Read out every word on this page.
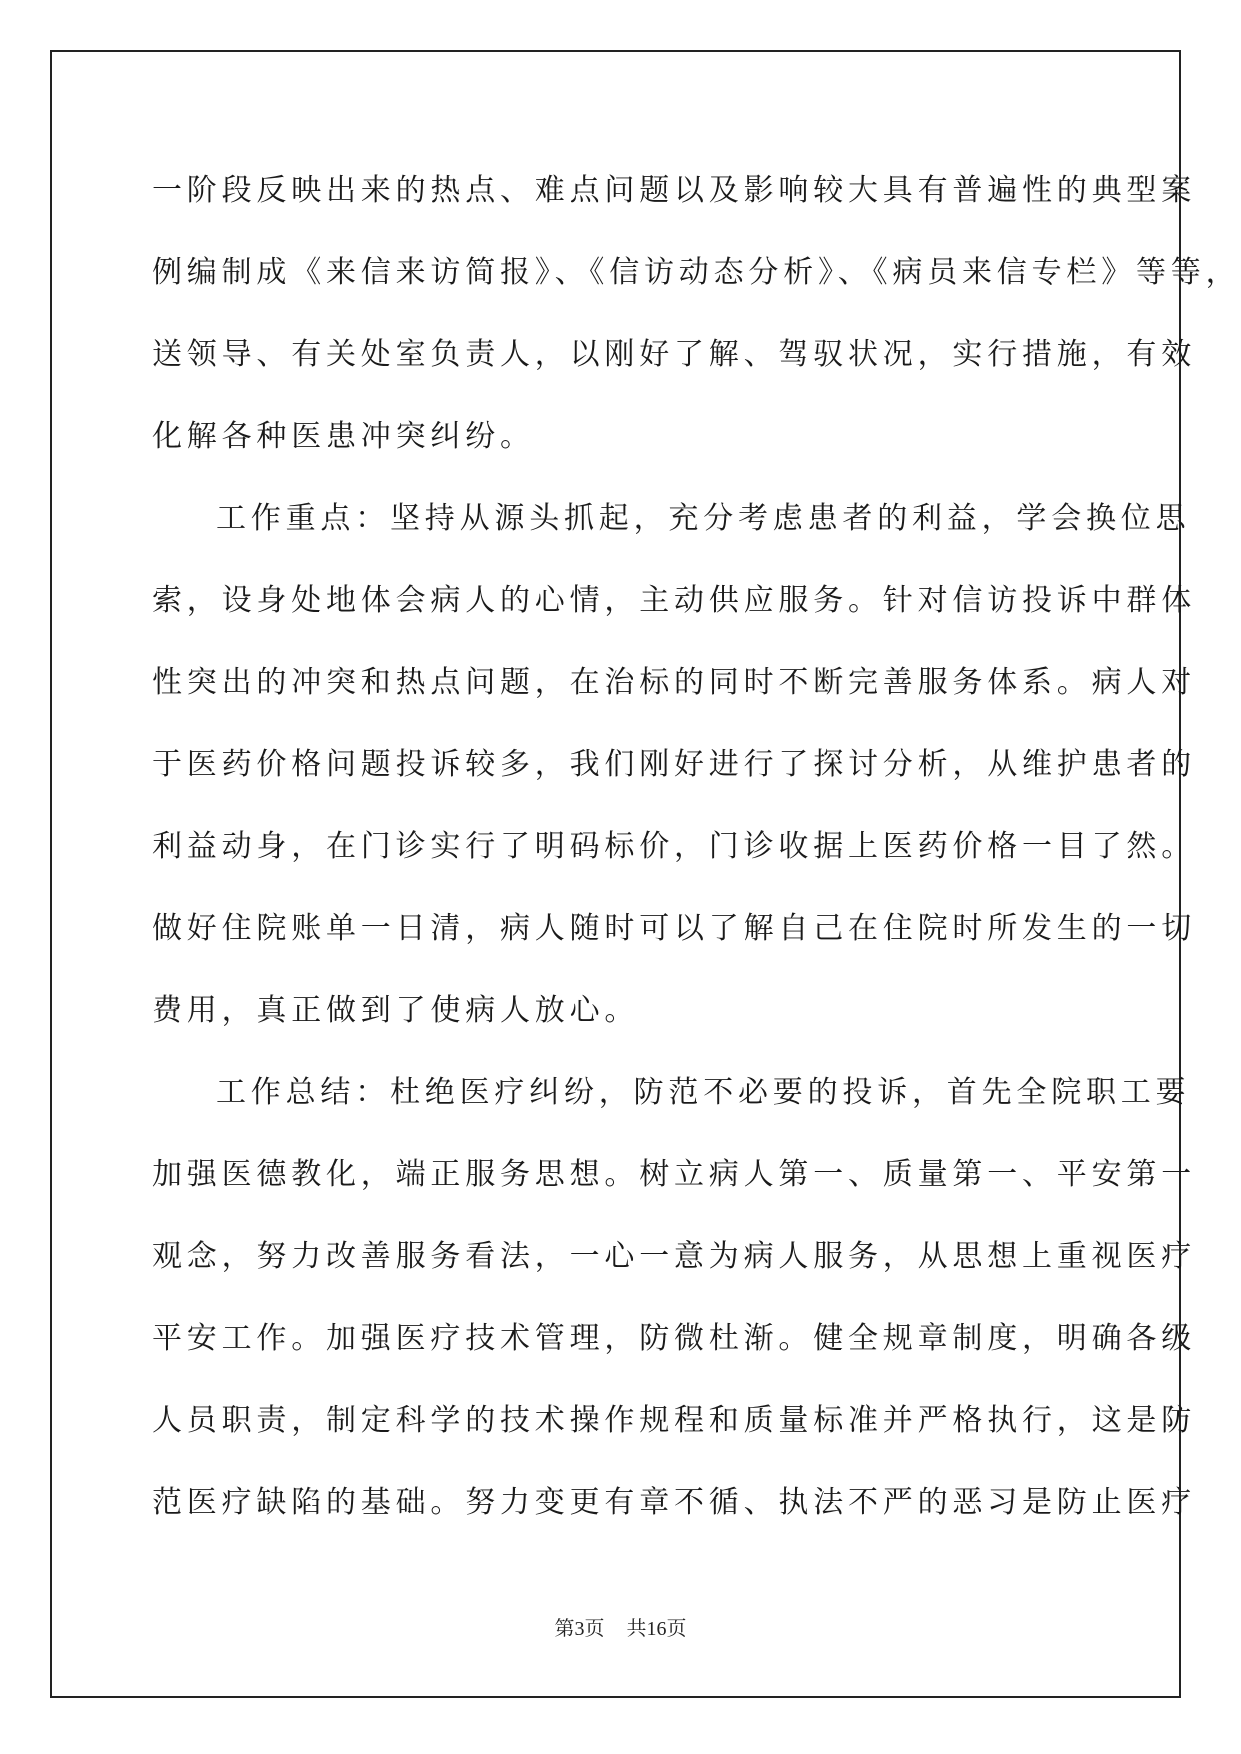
一阶段反映出来的热点、难点问题以及影响较大具有普遍性的典型案
例编制成《来信来访简报》、《信访动态分析》、《病员来信专栏》等等，
送领导、有关处室负责人，以刚好了解、驾驭状况，实行措施，有效
化解各种医患冲突纠纷。
工作重点：坚持从源头抓起，充分考虑患者的利益，学会换位思
索，设身处地体会病人的心情，主动供应服务。针对信访投诉中群体
性突出的冲突和热点问题，在治标的同时不断完善服务体系。病人对
于医药价格问题投诉较多，我们刚好进行了探讨分析，从维护患者的
利益动身，在门诊实行了明码标价，门诊收据上医药价格一目了然。
做好住院账单一日清，病人随时可以了解自己在住院时所发生的一切
费用，真正做到了使病人放心。
工作总结：杜绝医疗纠纷，防范不必要的投诉，首先全院职工要
加强医德教化，端正服务思想。树立病人第一、质量第一、平安第一
观念，努力改善服务看法，一心一意为病人服务，从思想上重视医疗
平安工作。加强医疗技术管理，防微杜渐。健全规章制度，明确各级
人员职责，制定科学的技术操作规程和质量标准并严格执行，这是防
范医疗缺陷的基础。努力变更有章不循、执法不严的恶习是防止医疗
第3页 共16页
